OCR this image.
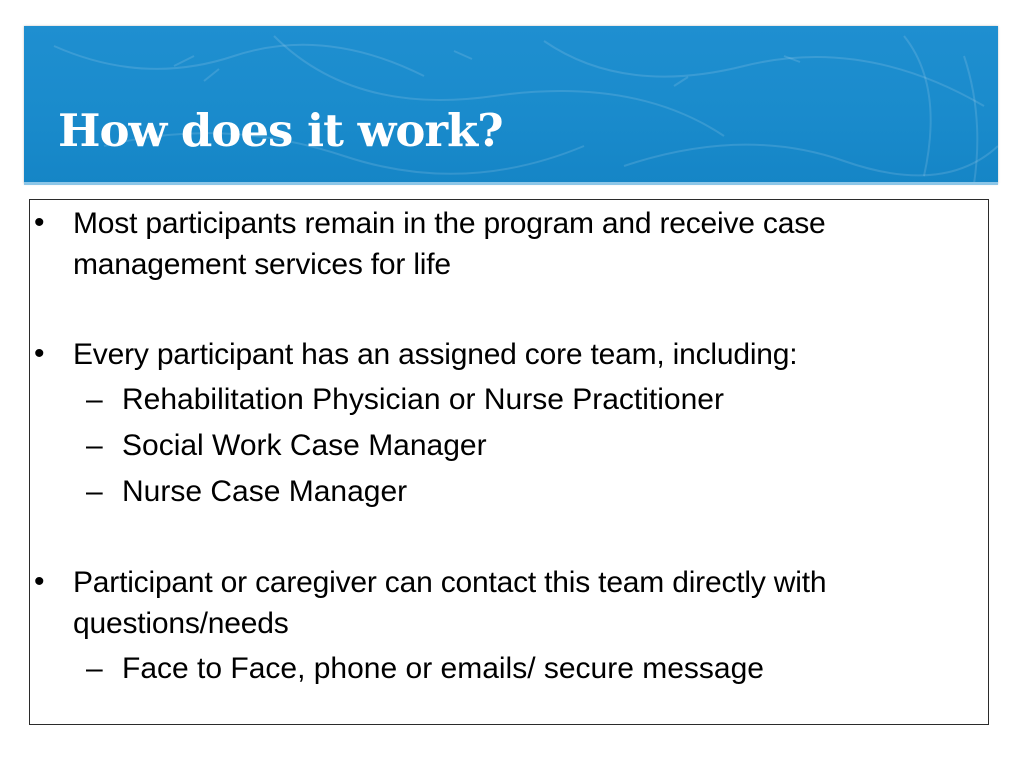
How does it work?
• Most participants remain in the program and receive case management services for life
• Every participant has an assigned core team, including:
– Rehabilitation Physician or Nurse Practitioner
– Social Work Case Manager
– Nurse Case Manager
• Participant or caregiver can contact this team directly with questions/needs
– Face to Face, phone or emails/ secure message
